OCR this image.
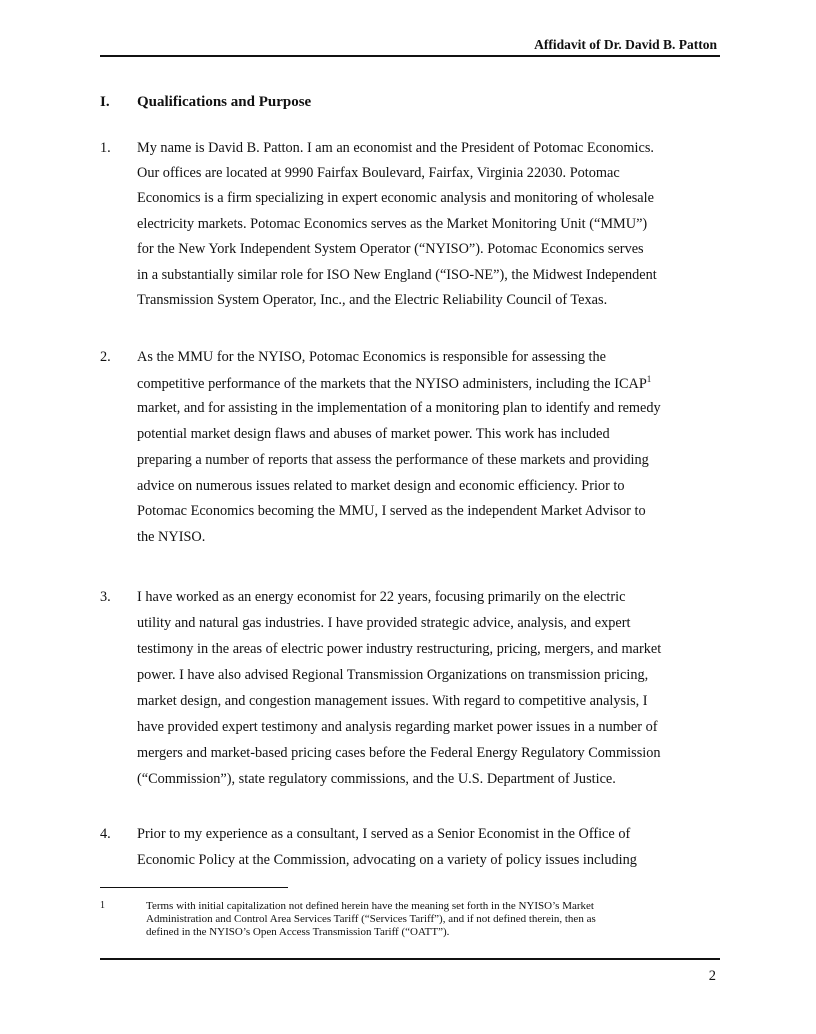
Affidavit of Dr. David B. Patton
I. Qualifications and Purpose
1. My name is David B. Patton. I am an economist and the President of Potomac Economics.
Our offices are located at 9990 Fairfax Boulevard, Fairfax, Virginia 22030. Potomac
Economics is a firm specializing in expert economic analysis and monitoring of wholesale
electricity markets. Potomac Economics serves as the Market Monitoring Unit (“MMU”)
for the New York Independent System Operator (“NYISO”). Potomac Economics serves
in a substantially similar role for ISO New England (“ISO-NE”), the Midwest Independent
Transmission System Operator, Inc., and the Electric Reliability Council of Texas.
2. As the MMU for the NYISO, Potomac Economics is responsible for assessing the
competitive performance of the markets that the NYISO administers, including the ICAP$^1$
market, and for assisting in the implementation of a monitoring plan to identify and remedy
potential market design flaws and abuses of market power. This work has included
preparing a number of reports that assess the performance of these markets and providing
advice on numerous issues related to market design and economic efficiency. Prior to
Potomac Economics becoming the MMU, I served as the independent Market Advisor to
the NYISO.
3. I have worked as an energy economist for 22 years, focusing primarily on the electric
utility and natural gas industries. I have provided strategic advice, analysis, and expert
testimony in the areas of electric power industry restructuring, pricing, mergers, and market
power. I have also advised Regional Transmission Organizations on transmission pricing,
market design, and congestion management issues. With regard to competitive analysis, I
have provided expert testimony and analysis regarding market power issues in a number of
mergers and market-based pricing cases before the Federal Energy Regulatory Commission
(“Commission”), state regulatory commissions, and the U.S. Department of Justice.
4. Prior to my experience as a consultant, I served as a Senior Economist in the Office of
Economic Policy at the Commission, advocating on a variety of policy issues including
1	Terms with initial capitalization not defined herein have the meaning set forth in the NYISO’s Market
Administration and Control Area Services Tariff (“Services Tariff”), and if not defined therein, then as
defined in the NYISO’s Open Access Transmission Tariff (“OATT”).
2
